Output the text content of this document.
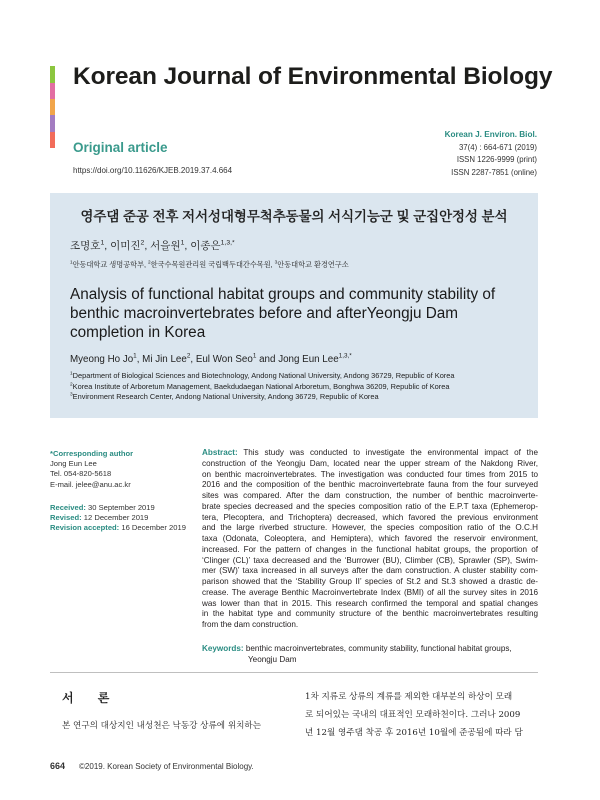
Korean Journal of Environmental Biology
Original article
https://doi.org/10.11626/KJEB.2019.37.4.664
Korean J. Environ. Biol.
37(4) : 664-671 (2019)
ISSN 1226-9999 (print)
ISSN 2287-7851 (online)
영주댐 준공 전후 저서성대형무척추동물의 서식기능군 및 군집안정성 분석
조명호$^1$, 이미진$^2$, 서을원$^1$, 이종은$^{1,3,*}$
$^1$안동대학교 생명공학부, $^2$한국수목원관리원 국립백두대간수목원, $^3$안동대학교 환경연구소
Analysis of functional habitat groups and community stability of benthic macroinvertebrates before and afterYeongju Dam completion in Korea
Myeong Ho Jo$^1$, Mi Jin Lee$^2$, Eul Won Seo$^1$ and Jong Eun Lee$^{1,3,*}$
$^1$Department of Biological Sciences and Biotechnology, Andong National University, Andong 36729, Republic of Korea
$^2$Korea Institute of Arboretum Management, Baekdudaegan National Arboretum, Bonghwa 36209, Republic of Korea
$^3$Environment Research Center, Andong National University, Andong 36729, Republic of Korea
*Corresponding author
Jong Eun Lee
Tel. 054-820-5618
E-mail. jelee@anu.ac.kr
Received: 30 September 2019
Revised: 12 December 2019
Revision accepted: 16 December 2019
Abstract: This study was conducted to investigate the environmental impact of the
construction of the Yeongju Dam, located near the upper stream of the Nakdong River,
on benthic macroinvertebrates. The investigation was conducted four times from 2015 to
2016 and the composition of the benthic macroinvertebrate fauna from the four surveyed
sites was compared. After the dam construction, the number of benthic macroinverte-
brate species decreased and the species composition ratio of the E.P.T taxa (Ephemerop-
tera, Plecoptera, and Trichoptera) decreased, which favored the previous environment
and the large riverbed structure. However, the species composition ratio of the O.C.H
taxa (Odonata, Coleoptera, and Hemiptera), which favored the reservoir environment,
increased. For the pattern of changes in the functional habitat groups, the proportion of
‘Clinger (CL)’ taxa decreased and the ‘Burrower (BU), Climber (CB), Sprawler (SP), Swim-
mer (SW)’ taxa increased in all surveys after the dam construction. A cluster stability com-
parison showed that the ‘Stability Group II’ species of St.2 and St.3 showed a drastic de-
crease. The average Benthic Macroinvertebrate Index (BMI) of all the survey sites in 2016
was lower than that in 2015. This research confirmed the temporal and spatial changes
in the habitat type and community structure of the benthic macroinvertebrates resulting
from the dam construction.
Keywords: benthic macroinvertebrates, community stability, functional habitat groups,
Yeongju Dam
서 론
본 연구의 대상지인 내성천은 낙동강 상류에 위치하는
1차 지류로 상류의 계류를 제외한 대부분의 하상이 모래
로 되어있는 국내의 대표적인 모래하천이다. 그러나 2009
년 12월 영주댐 착공 후 2016년 10월에 준공됨에 따라 담
664 ©2019. Korean Society of Environmental Biology.
